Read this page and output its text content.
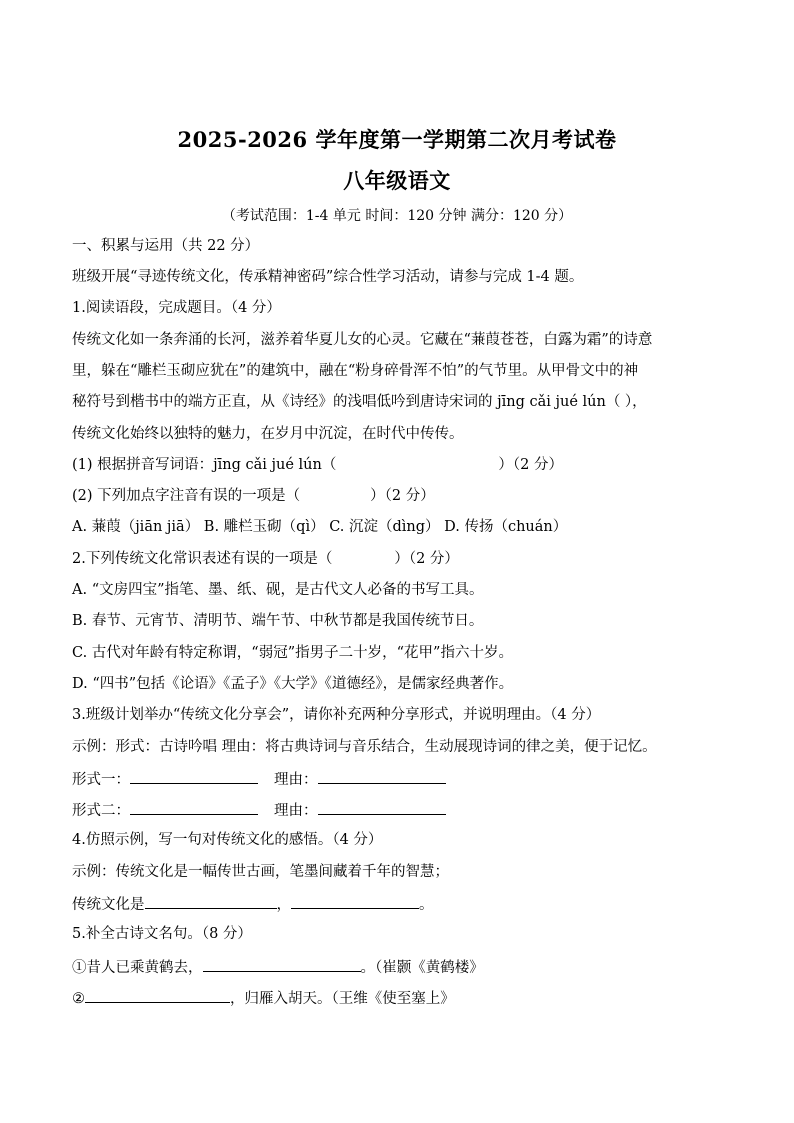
2025-2026 学年度第一学期第二次月考试卷
八年级语文
（考试范围：1-4 单元 时间：120 分钟 满分：120 分）
一、积累与运用（共 22 分）
班级开展“寻迹传统文化，传承精神密码”综合性学习活动，请参与完成 1-4 题。
1.阅读语段，完成题目。（4 分）
传统文化如一条奔涌的长河，滋养着华夏儿女的心灵。它藏在“蒹葭苍苍，白露为霜”的诗意
里，躲在“雕栏玉砌应犹在”的建筑中，融在“粉身碎骨浑不怕”的气节里。从甲骨文中的神
秘符号到楷书中的端方正直，从《诗经》的浅唱低吟到唐诗宋词的 jīng cǎi jué lún（ ），
传统文化始终以独特的魅力，在岁月中沉淀，在时代中传传。
(1) 根据拼音写词语：jīng cǎi jué lún（	）（2 分）
(2) 下列加点字注音有误的一项是（	）（2 分）
A. 蒹葭（jiān jiā） B. 雕栏玉砌（qì） C. 沉淀（dìng） D. 传扬（chuán）
2.下列传统文化常识表述有误的一项是（	）（2 分）
A. “文房四宝”指笔、墨、纸、砚，是古代文人必备的书写工具。
B. 春节、元宵节、清明节、端午节、中秋节都是我国传统节日。
C. 古代对年龄有特定称谓，“弱冠”指男子二十岁，“花甲”指六十岁。
D. “四书”包括《论语》《孟子》《大学》《道德经》，是儒家经典著作。
3.班级计划举办“传统文化分享会”，请你补充两种分享形式，并说明理由。（4 分）
示例：形式：古诗吟唱 理由：将古典诗词与音乐结合，生动展现诗词的律之美，便于记忆。
形式一：	理由：
形式二：	理由：
4.仿照示例，写一句对传统文化的感悟。（4 分）
示例：传统文化是一幅传世古画，笔墨间藏着千年的智慧；
传统文化是	，	。
5.补全古诗文名句。（8 分）
①昔人已乘黄鹤去，	。（崔颢《黄鹤楼》
②	，归雁入胡天。（王维《使至塞上》
